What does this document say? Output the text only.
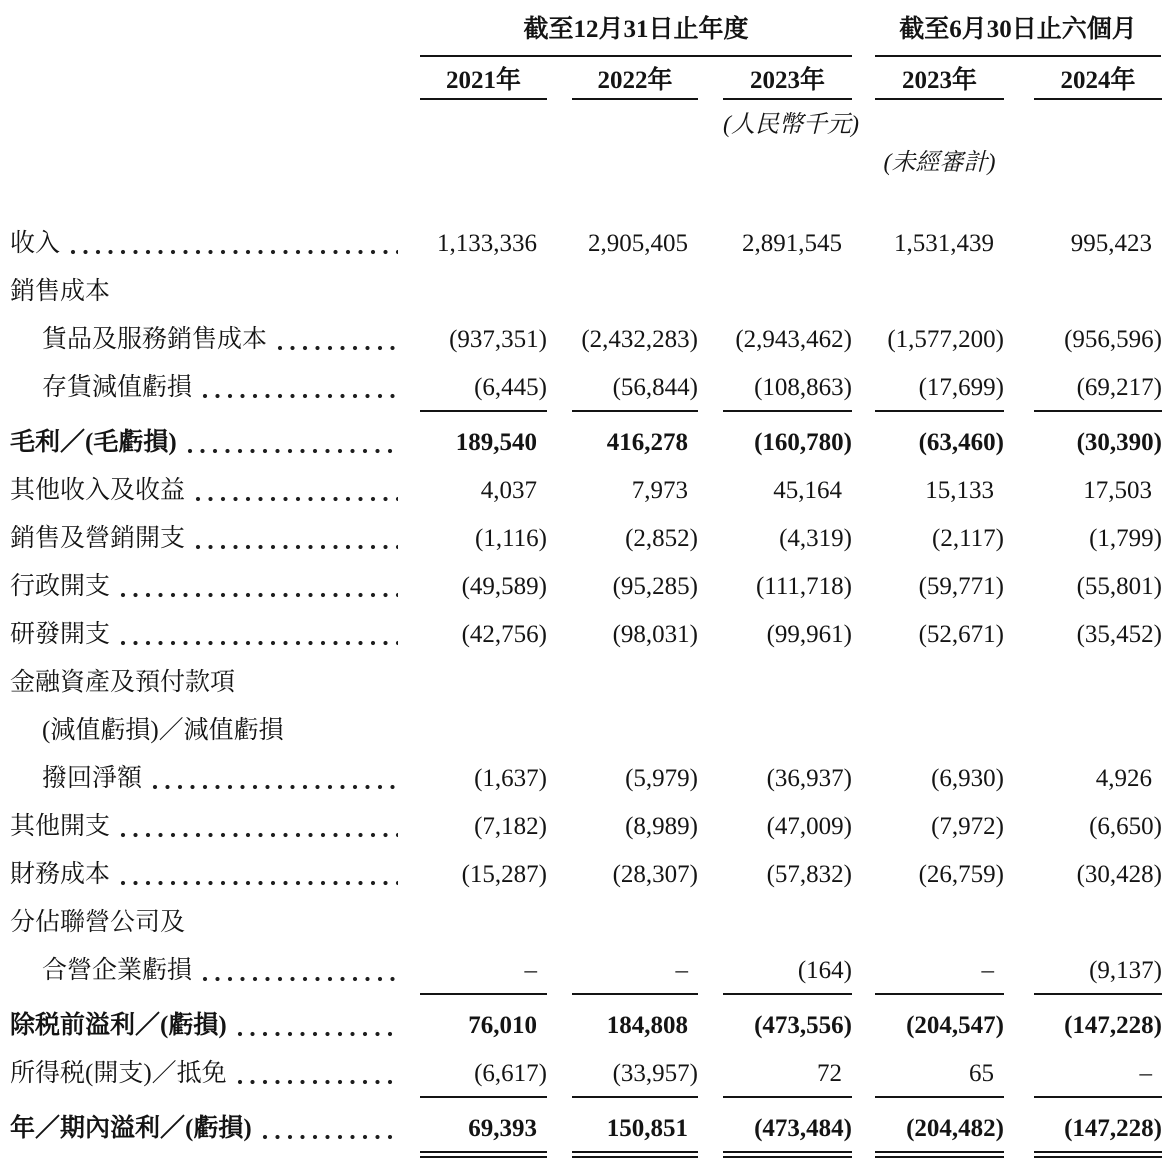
截至12月31日止年度	截至6月30日止六個月
2021年	2022年	2023年	2023年	2024年
(人民幣千元)
(未經審計)
收入	1,133,336	2,905,405	2,891,545	1,531,439	995,423
銷售成本
貨品及服務銷售成本	(937,351)	(2,432,283)	(2,943,462)	(1,577,200)	(956,596)
存貨減值虧損	(6,445)	(56,844)	(108,863)	(17,699)	(69,217)
毛利／(毛虧損)	189,540	416,278	(160,780)	(63,460)	(30,390)
其他收入及收益	4,037	7,973	45,164	15,133	17,503
銷售及營銷開支	(1,116)	(2,852)	(4,319)	(2,117)	(1,799)
行政開支	(49,589)	(95,285)	(111,718)	(59,771)	(55,801)
研發開支	(42,756)	(98,031)	(99,961)	(52,671)	(35,452)
金融資產及預付款項
(減值虧損)／減值虧損
撥回淨額	(1,637)	(5,979)	(36,937)	(6,930)	4,926
其他開支	(7,182)	(8,989)	(47,009)	(7,972)	(6,650)
財務成本	(15,287)	(28,307)	(57,832)	(26,759)	(30,428)
分佔聯營公司及
合營企業虧損	–	–	(164)	–	(9,137)
除税前溢利／(虧損)	76,010	184,808	(473,556)	(204,547)	(147,228)
所得税(開支)／抵免	(6,617)	(33,957)	72	65	–
年／期內溢利／(虧損)	69,393	150,851	(473,484)	(204,482)	(147,228)
